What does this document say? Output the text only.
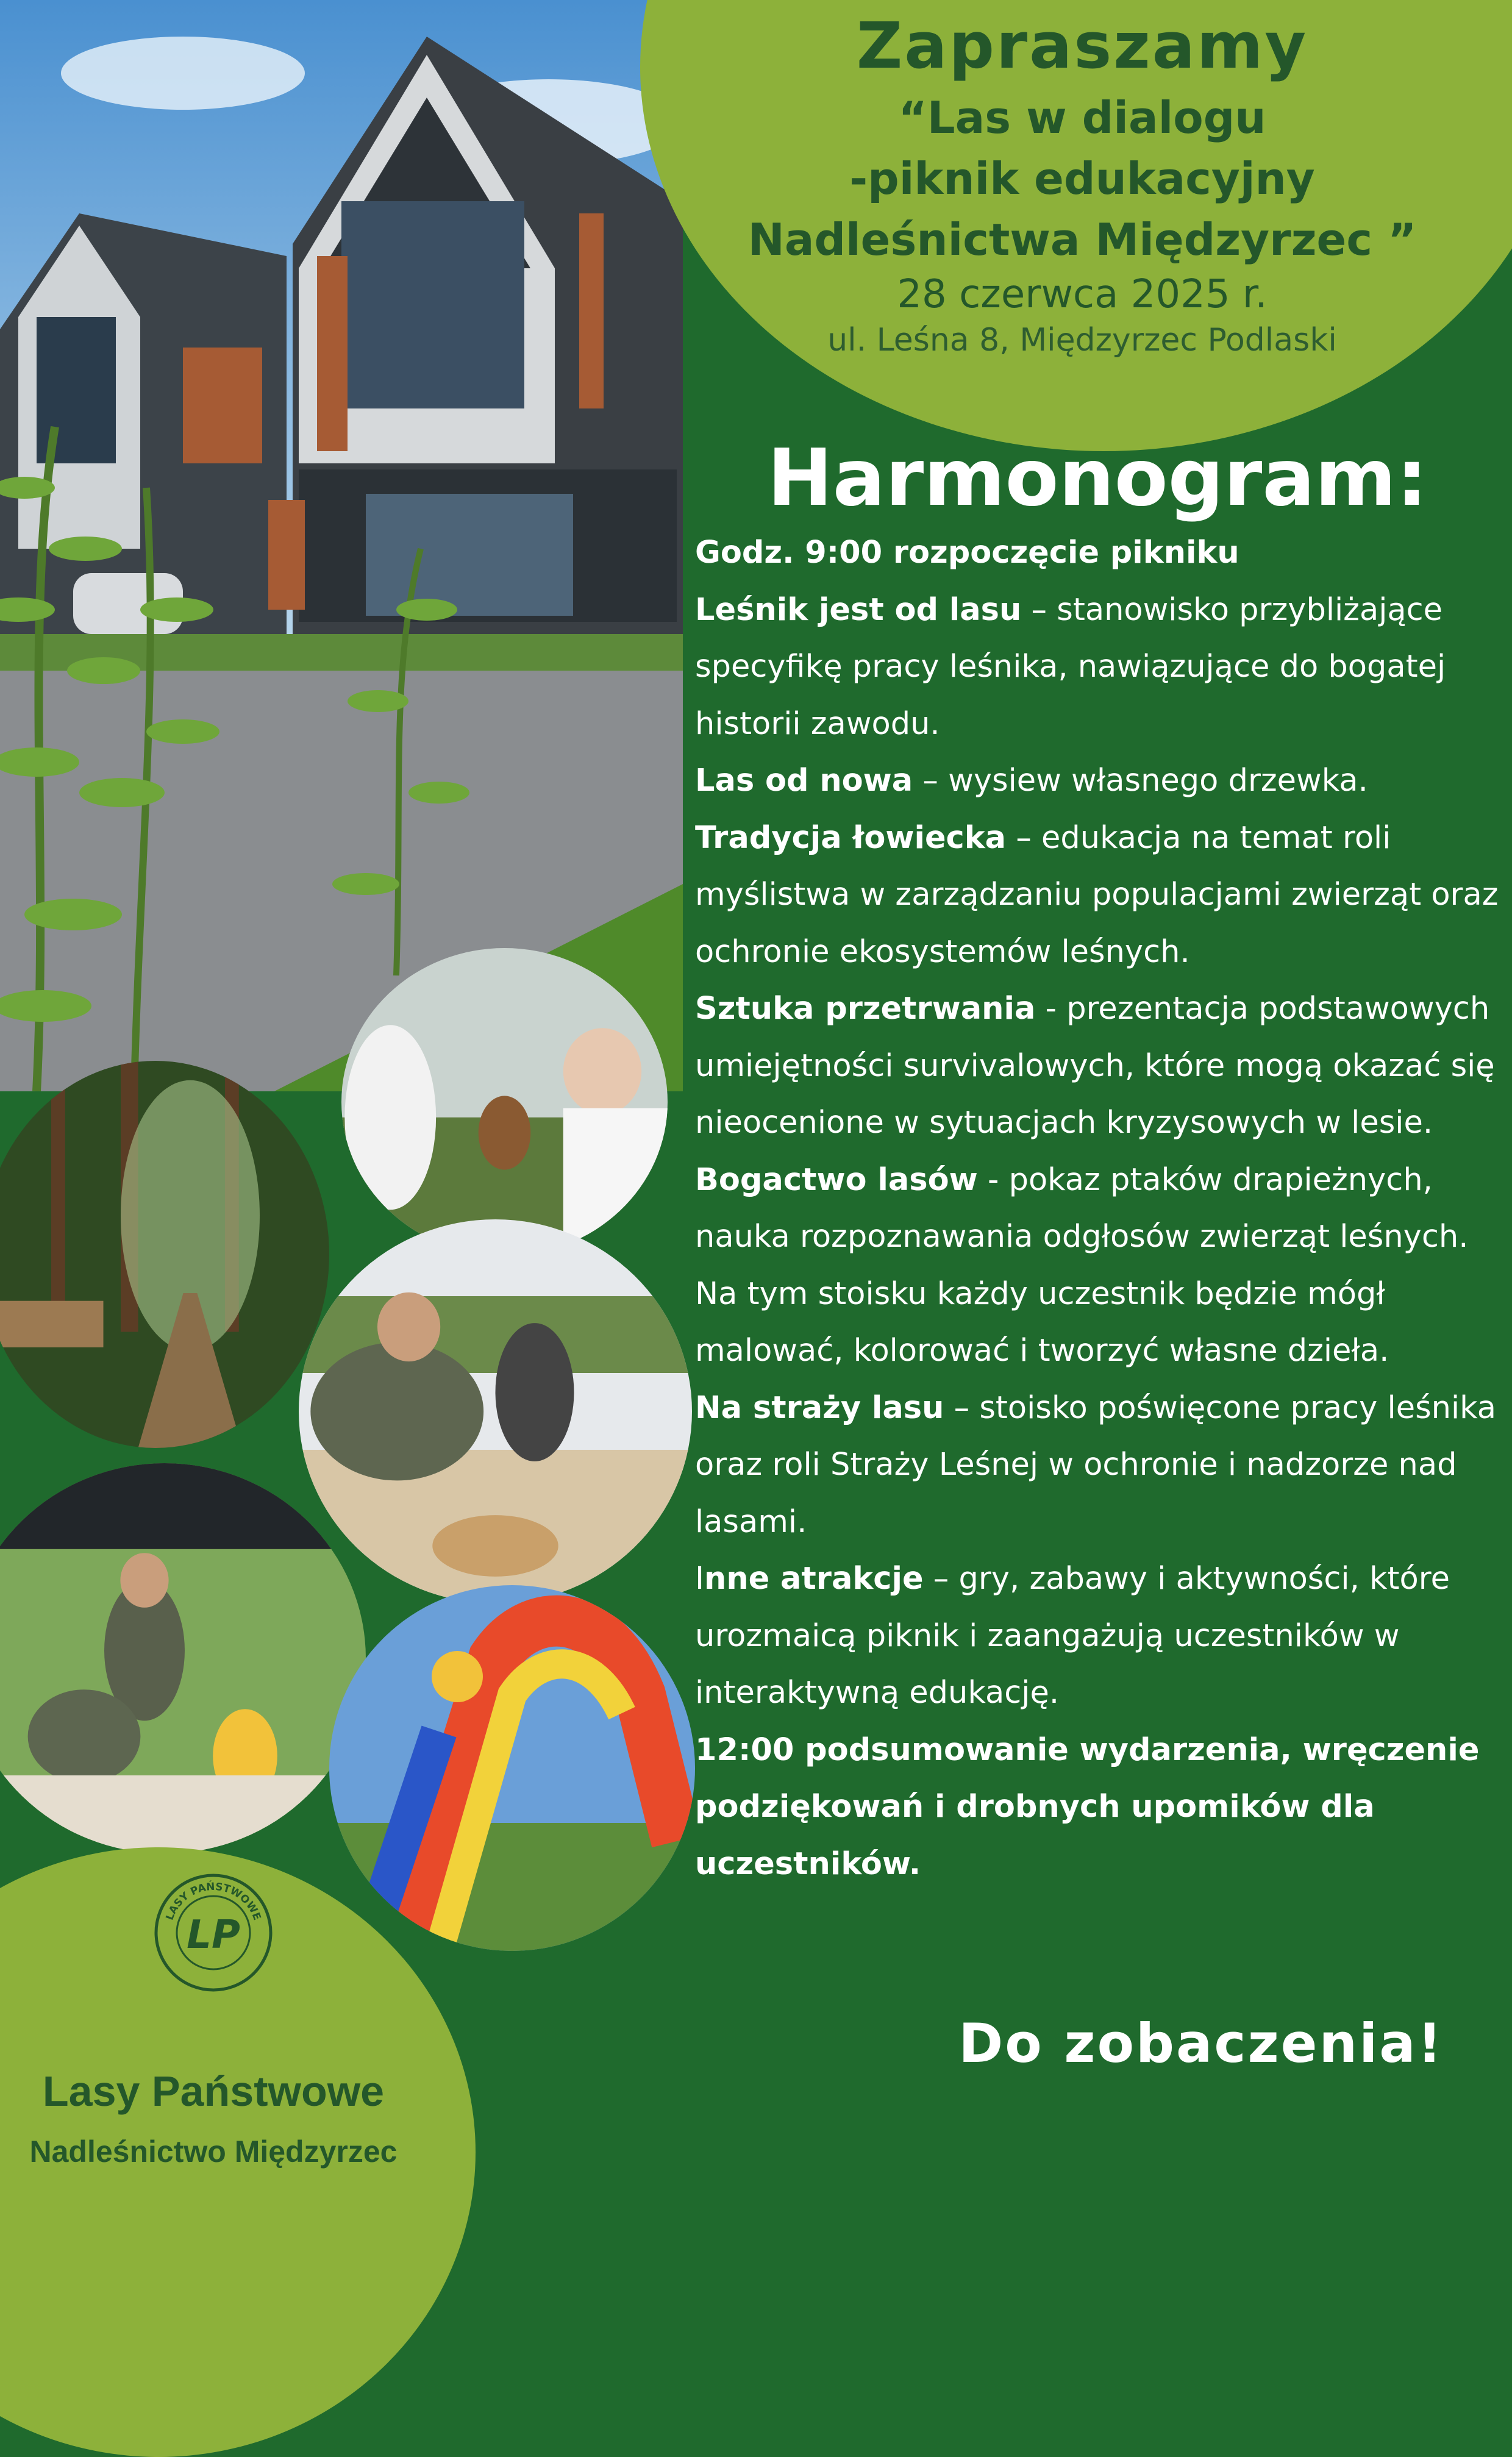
Zapraszamy
“Las w dialogu
-piknik edukacyjny
Nadleśnictwa Międzyrzec ”
28 czerwca 2025 r.
ul. Leśna 8, Międzyrzec Podlaski
Harmonogram:

Godz. 9:00 rozpoczęcie pikniku

Leśnik jest od lasu – stanowisko przybliżające specyfikę pracy leśnika, nawiązujące do bogatej historii zawodu.

Las od nowa – wysiew własnego drzewka.

Tradycja łowiecka – edukacja na temat roli myślistwa w zarządzaniu populacjami zwierząt oraz ochronie ekosystemów leśnych.

Sztuka przetrwania - prezentacja podstawowych umiejętności survivalowych, które mogą okazać się nieocenione w sytuacjach kryzysowych w lesie.

Bogactwo lasów - pokaz ptaków drapieżnych, nauka rozpoznawania odgłosów zwierząt leśnych. Na tym stoisku każdy uczestnik będzie mógł malować, kolorować i tworzyć własne dzieła.

Na straży lasu – stoisko poświęcone pracy leśnika oraz roli Straży Leśnej w ochronie i nadzorze nad lasami.

Inne atrakcje – gry, zabawy i aktywności, które urozmaicą piknik i zaangażują uczestników w interaktywną edukację.

12:00 podsumowanie wydarzenia, wręczenie podziękowań i drobnych upomików dla uczestników.

Do zobaczenia!
LASY PAŃSTWOWE
LP
Lasy Państwowe
Nadleśnictwo Międzyrzec
